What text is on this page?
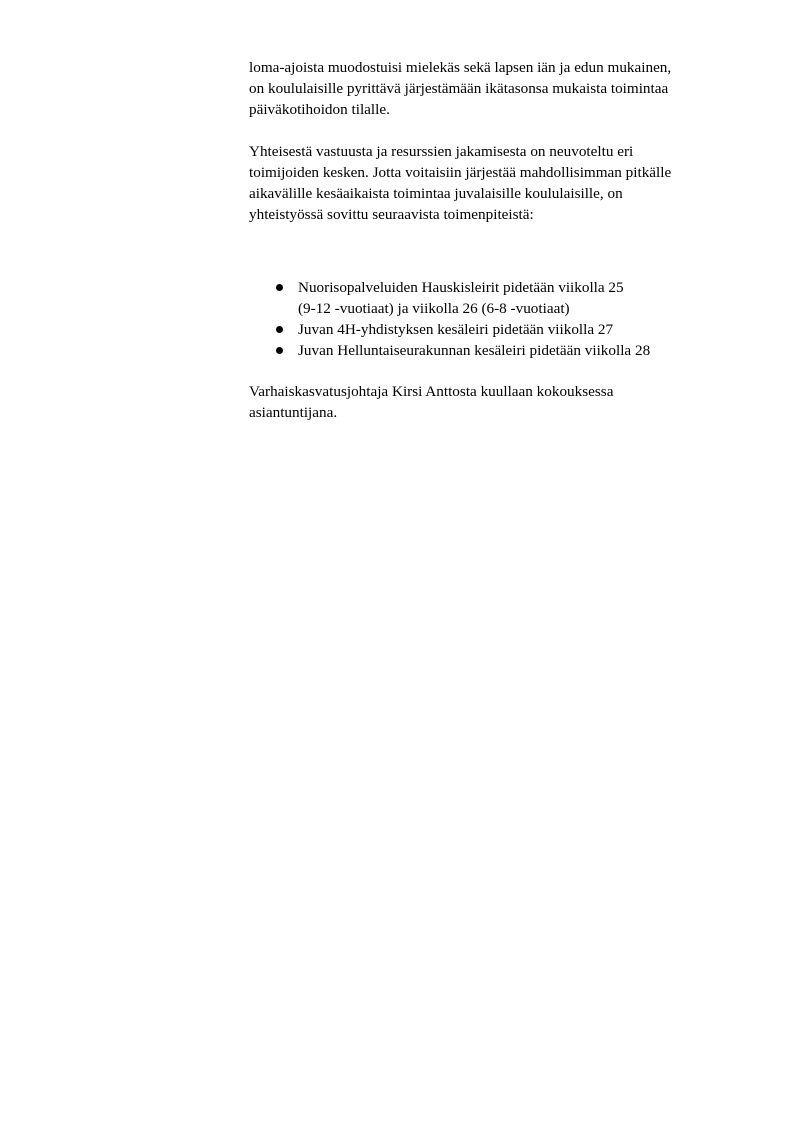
loma-ajoista muodostuisi mielekäs sekä lapsen iän ja edun mukainen,
on koululaisille pyrittävä järjestämään ikätasonsa mukaista toimintaa
päiväkotihoidon tilalle.
Yhteisestä vastuusta ja resurssien jakamisesta on neuvoteltu eri
toimijoiden kesken. Jotta voitaisiin järjestää mahdollisimman pitkälle
aikavälille kesäaikaista toimintaa juvalaisille koululaisille, on
yhteistyössä sovittu seuraavista toimenpiteistä:
Nuorisopalveluiden Hauskisleirit pidetään viikolla 25
(9-12 -vuotiaat) ja viikolla 26 (6-8 -vuotiaat)
Juvan 4H-yhdistyksen kesäleiri pidetään viikolla 27
Juvan Helluntaiseurakunnan kesäleiri pidetään viikolla 28
Varhaiskasvatusjohtaja Kirsi Anttosta kuullaan kokouksessa
asiantuntijana.
